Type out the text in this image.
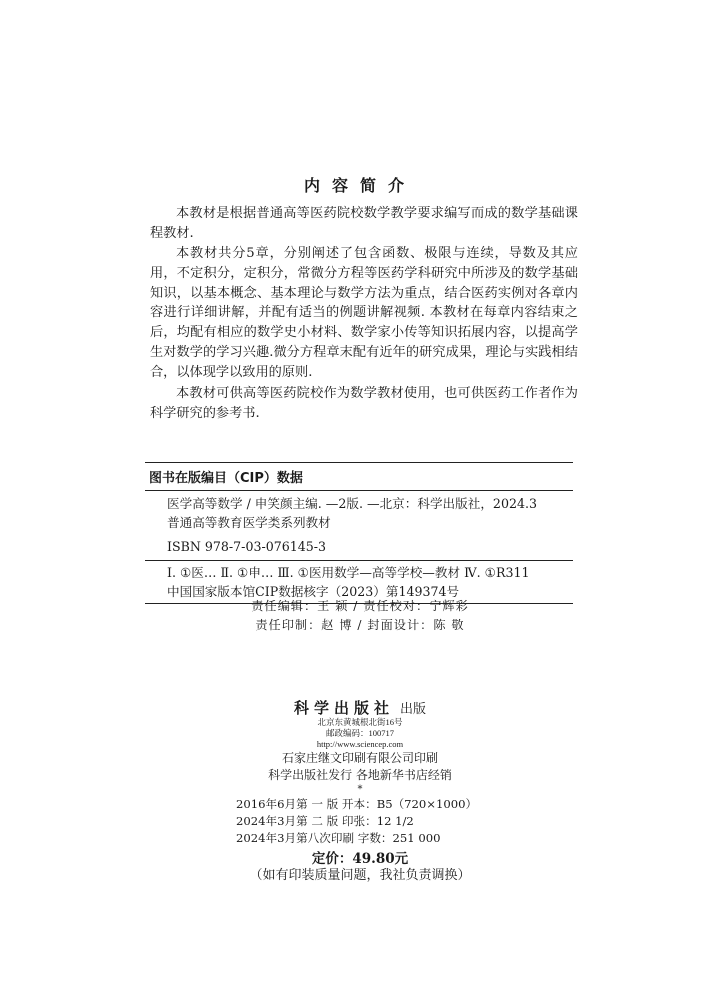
内容简介

本教材是根据普通高等医药院校数学教学要求编写而成的数学基础课程教材.

本教材共分5章，分别阐述了包含函数、极限与连续，导数及其应用，不定积分，定积分，常微分方程等医药学科研究中所涉及的数学基础知识，以基本概念、基本理论与数学方法为重点，结合医药实例对各章内容进行详细讲解，并配有适当的例题讲解视频. 本教材在每章内容结束之后，均配有相应的数学史小材料、数学家小传等知识拓展内容，以提高学生对数学的学习兴趣.微分方程章末配有近年的研究成果，理论与实践相结合，以体现学以致用的原则.

本教材可供高等医药院校作为数学教材使用，也可供医药工作者作为科学研究的参考书.

图书在版编目（CIP）数据
医学高等数学 / 申笑颜主编. —2版. —北京：科学出版社，2024.3
普通高等教育医学类系列教材
ISBN 978-7-03-076145-3
Ⅰ. ①医… Ⅱ. ①申… Ⅲ. ①医用数学—高等学校—教材 Ⅳ. ①R311
中国国家版本馆CIP数据核字（2023）第149374号
责任编辑：王 颖 / 责任校对：宁辉彩
责任印制：赵 博 / 封面设计：陈 敬
科学出版社 出版
北京东黄城根北街16号
邮政编码：100717
http://www.sciencep.com
石家庄继文印刷有限公司印刷
科学出版社发行 各地新华书店经销
*
2016年6月第 一 版 开本：B5（720×1000）
2024年3月第 二 版 印张：12 1/2
2024年3月第八次印刷 字数：251 000
定价：49.80元
（如有印装质量问题，我社负责调换）
